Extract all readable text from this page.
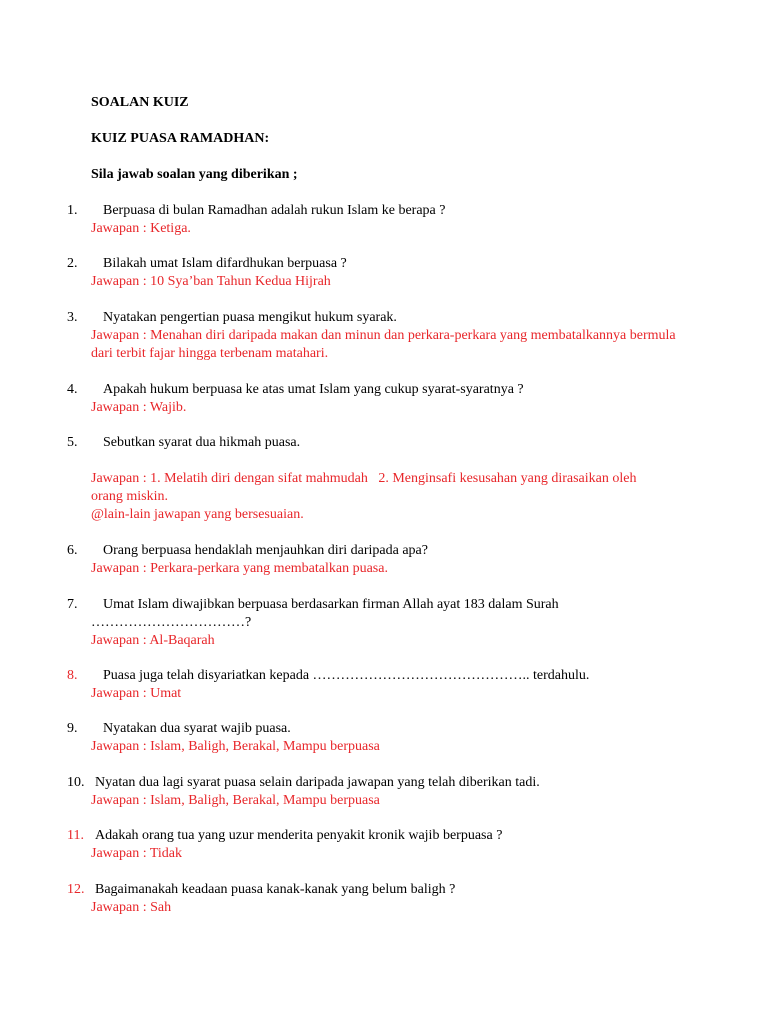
SOALAN KUIZ
KUIZ PUASA RAMADHAN:
Sila jawab soalan yang diberikan ;
1. Berpuasa di bulan Ramadhan adalah rukun Islam ke berapa ?
Jawapan : Ketiga.
2. Bilakah umat Islam difardhukan berpuasa ?
Jawapan : 10 Sya’ban Tahun Kedua Hijrah
3. Nyatakan pengertian puasa mengikut hukum syarak.
Jawapan : Menahan diri daripada makan dan minun dan perkara-perkara yang membatalkannya bermula dari terbit fajar hingga terbenam matahari.
4. Apakah hukum berpuasa ke atas umat Islam yang cukup syarat-syaratnya ?
Jawapan : Wajib.
5. Sebutkan syarat dua hikmah puasa.
Jawapan : 1. Melatih diri dengan sifat mahmudah   2. Menginsafi kesusahan yang dirasaikan oleh
orang miskin.
@lain-lain jawapan yang bersesuaian.
6. Orang berpuasa hendaklah menjauhkan diri daripada apa?
Jawapan : Perkara-perkara yang membatalkan puasa.
7. Umat Islam diwajibkan berpuasa berdasarkan firman Allah ayat 183 dalam Surah
……………………………?
Jawapan : Al-Baqarah
8. Puasa juga telah disyariatkan kepada ……………………………………….. terdahulu.
Jawapan : Umat
9. Nyatakan dua syarat wajib puasa.
Jawapan : Islam, Baligh, Berakal, Mampu berpuasa
10. Nyatan dua lagi syarat puasa selain daripada jawapan yang telah diberikan tadi.
Jawapan : Islam, Baligh, Berakal, Mampu berpuasa
11. Adakah orang tua yang uzur menderita penyakit kronik wajib berpuasa ?
Jawapan : Tidak
12. Bagaimanakah keadaan puasa kanak-kanak yang belum baligh ?
Jawapan : Sah
